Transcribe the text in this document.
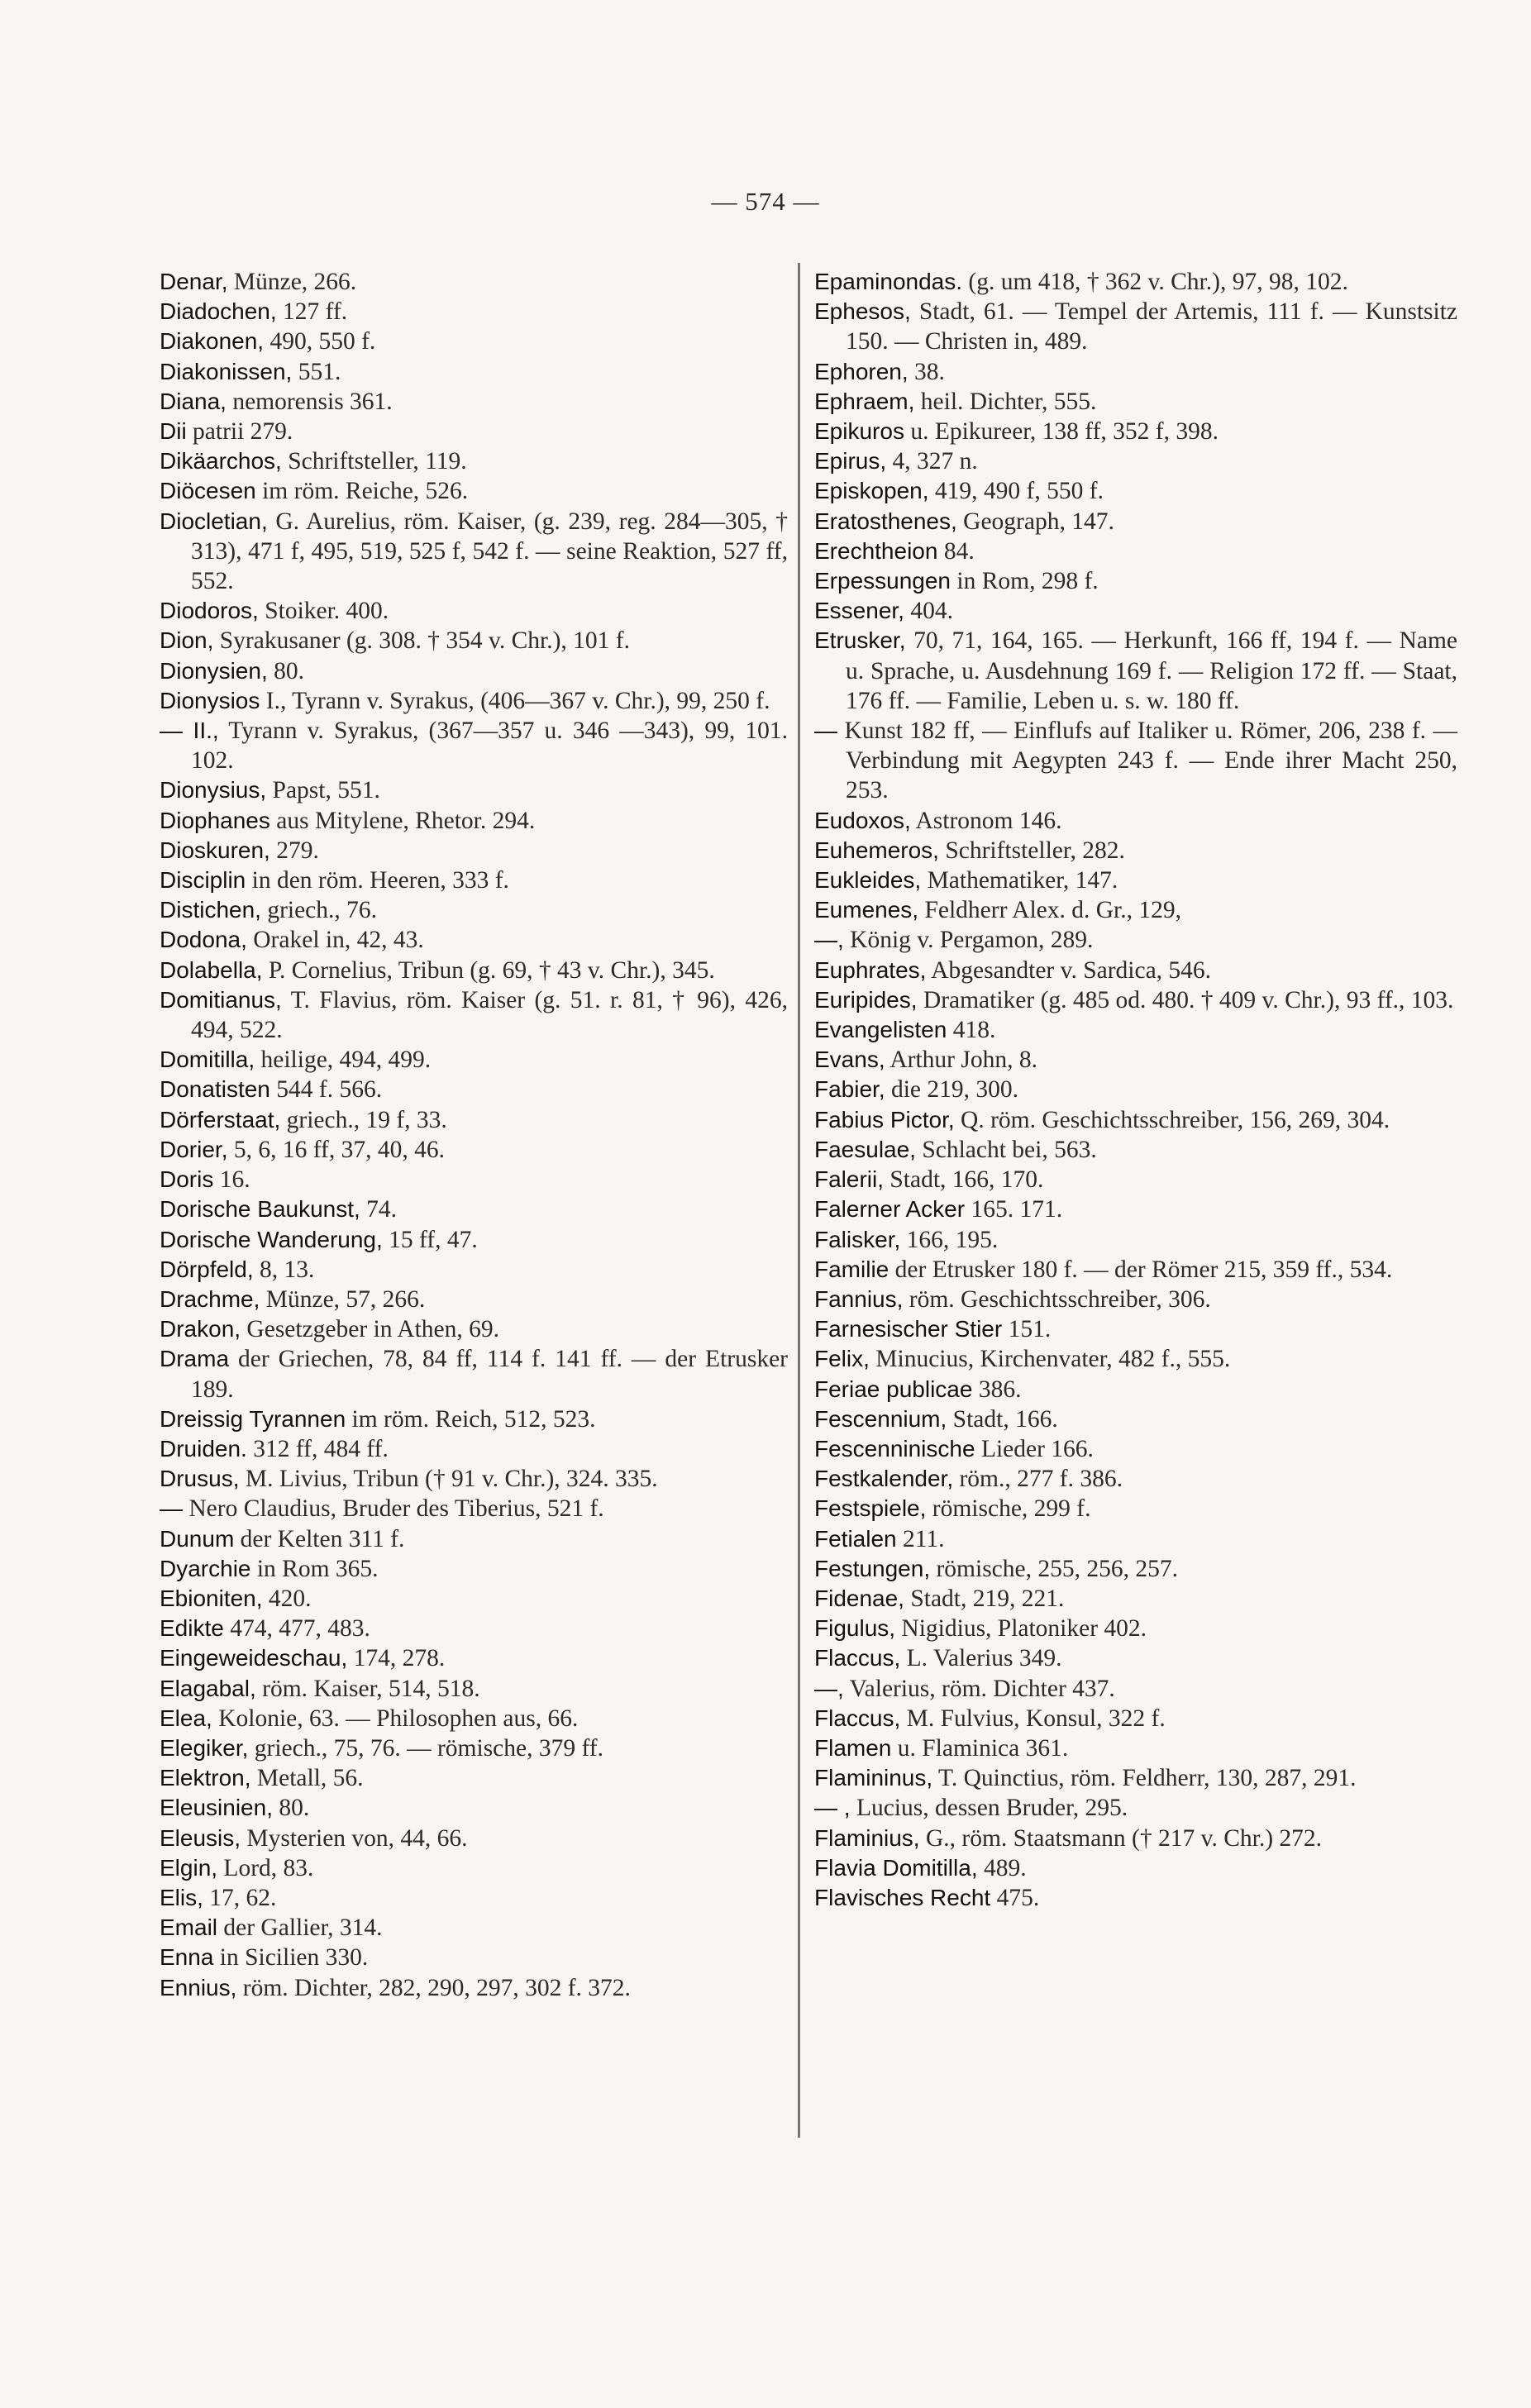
— 574 —

Denar, Münze, 266.

Diadochen, 127 ff.

Diakonen, 490, 550 f.

Diakonissen, 551.

Diana, nemorensis 361.

Dii patrii 279.

Dikäarchos, Schriftsteller, 119.

Diöcesen im röm. Reiche, 526.

Diocletian, G. Aurelius, röm. Kaiser, (g. 239, reg. 284—305, † 313), 471 f, 495, 519, 525 f, 542 f. — seine Reaktion, 527 ff, 552.

Diodoros, Stoiker. 400.

Dion, Syrakusaner (g. 308. † 354 v. Chr.), 101 f.

Dionysien, 80.

Dionysios I., Tyrann v. Syrakus, (406—367 v. Chr.), 99, 250 f.

— II., Tyrann v. Syrakus, (367—357 u. 346 —343), 99, 101. 102.

Dionysius, Papst, 551.

Diophanes aus Mitylene, Rhetor. 294.

Dioskuren, 279.

Disciplin in den röm. Heeren, 333 f.

Distichen, griech., 76.

Dodona, Orakel in, 42, 43.

Dolabella, P. Cornelius, Tribun (g. 69, † 43 v. Chr.), 345.

Domitianus, T. Flavius, röm. Kaiser (g. 51. r. 81, † 96), 426, 494, 522.

Domitilla, heilige, 494, 499.

Donatisten 544 f. 566.

Dörferstaat, griech., 19 f, 33.

Dorier, 5, 6, 16 ff, 37, 40, 46.

Doris 16.

Dorische Baukunst, 74.

Dorische Wanderung, 15 ff, 47.

Dörpfeld, 8, 13.

Drachme, Münze, 57, 266.

Drakon, Gesetzgeber in Athen, 69.

Drama der Griechen, 78, 84 ff, 114 f. 141 ff. — der Etrusker 189.

Dreissig Tyrannen im röm. Reich, 512, 523.

Druiden. 312 ff, 484 ff.

Drusus, M. Livius, Tribun († 91 v. Chr.), 324. 335.

— Nero Claudius, Bruder des Tiberius, 521 f.

Dunum der Kelten 311 f.

Dyarchie in Rom 365.

Ebioniten, 420.

Edikte 474, 477, 483.

Eingeweideschau, 174, 278.

Elagabal, röm. Kaiser, 514, 518.

Elea, Kolonie, 63. — Philosophen aus, 66.

Elegiker, griech., 75, 76. — römische, 379 ff.

Elektron, Metall, 56.

Eleusinien, 80.

Eleusis, Mysterien von, 44, 66.

Elgin, Lord, 83.

Elis, 17, 62.

Email der Gallier, 314.

Enna in Sicilien 330.

Ennius, röm. Dichter, 282, 290, 297, 302 f. 372.

Epaminondas. (g. um 418, † 362 v. Chr.), 97, 98, 102.

Ephesos, Stadt, 61. — Tempel der Artemis, 111 f. — Kunstsitz 150. — Christen in, 489.

Ephoren, 38.

Ephraem, heil. Dichter, 555.

Epikuros u. Epikureer, 138 ff, 352 f, 398.

Epirus, 4, 327 n.

Episkopen, 419, 490 f, 550 f.

Eratosthenes, Geograph, 147.

Erechtheion 84.

Erpessungen in Rom, 298 f.

Essener, 404.

Etrusker, 70, 71, 164, 165. — Herkunft, 166 ff, 194 f. — Name u. Sprache, u. Ausdehnung 169 f. — Religion 172 ff. — Staat, 176 ff. — Familie, Leben u. s. w. 180 ff.

— Kunst 182 ff, — Einflufs auf Italiker u. Römer, 206, 238 f. — Verbindung mit Aegypten 243 f. — Ende ihrer Macht 250, 253.

Eudoxos, Astronom 146.

Euhemeros, Schriftsteller, 282.

Eukleides, Mathematiker, 147.

Eumenes, Feldherr Alex. d. Gr., 129,

—, König v. Pergamon, 289.

Euphrates, Abgesandter v. Sardica, 546.

Euripides, Dramatiker (g. 485 od. 480. † 409 v. Chr.), 93 ff., 103.

Evangelisten 418.

Evans, Arthur John, 8.

Fabier, die 219, 300.

Fabius Pictor, Q. röm. Geschichtsschreiber, 156, 269, 304.

Faesulae, Schlacht bei, 563.

Falerii, Stadt, 166, 170.

Falerner Acker 165. 171.

Falisker, 166, 195.

Familie der Etrusker 180 f. — der Römer 215, 359 ff., 534.

Fannius, röm. Geschichtsschreiber, 306.

Farnesischer Stier 151.

Felix, Minucius, Kirchenvater, 482 f., 555.

Feriae publicae 386.

Fescennium, Stadt, 166.

Fescenninische Lieder 166.

Festkalender, röm., 277 f. 386.

Festspiele, römische, 299 f.

Fetialen 211.

Festungen, römische, 255, 256, 257.

Fidenae, Stadt, 219, 221.

Figulus, Nigidius, Platoniker 402.

Flaccus, L. Valerius 349.

—, Valerius, röm. Dichter 437.

Flaccus, M. Fulvius, Konsul, 322 f.

Flamen u. Flaminica 361.

Flamininus, T. Quinctius, röm. Feldherr, 130, 287, 291.

— , Lucius, dessen Bruder, 295.

Flaminius, G., röm. Staatsmann († 217 v. Chr.) 272.

Flavia Domitilla, 489.

Flavisches Recht 475.
